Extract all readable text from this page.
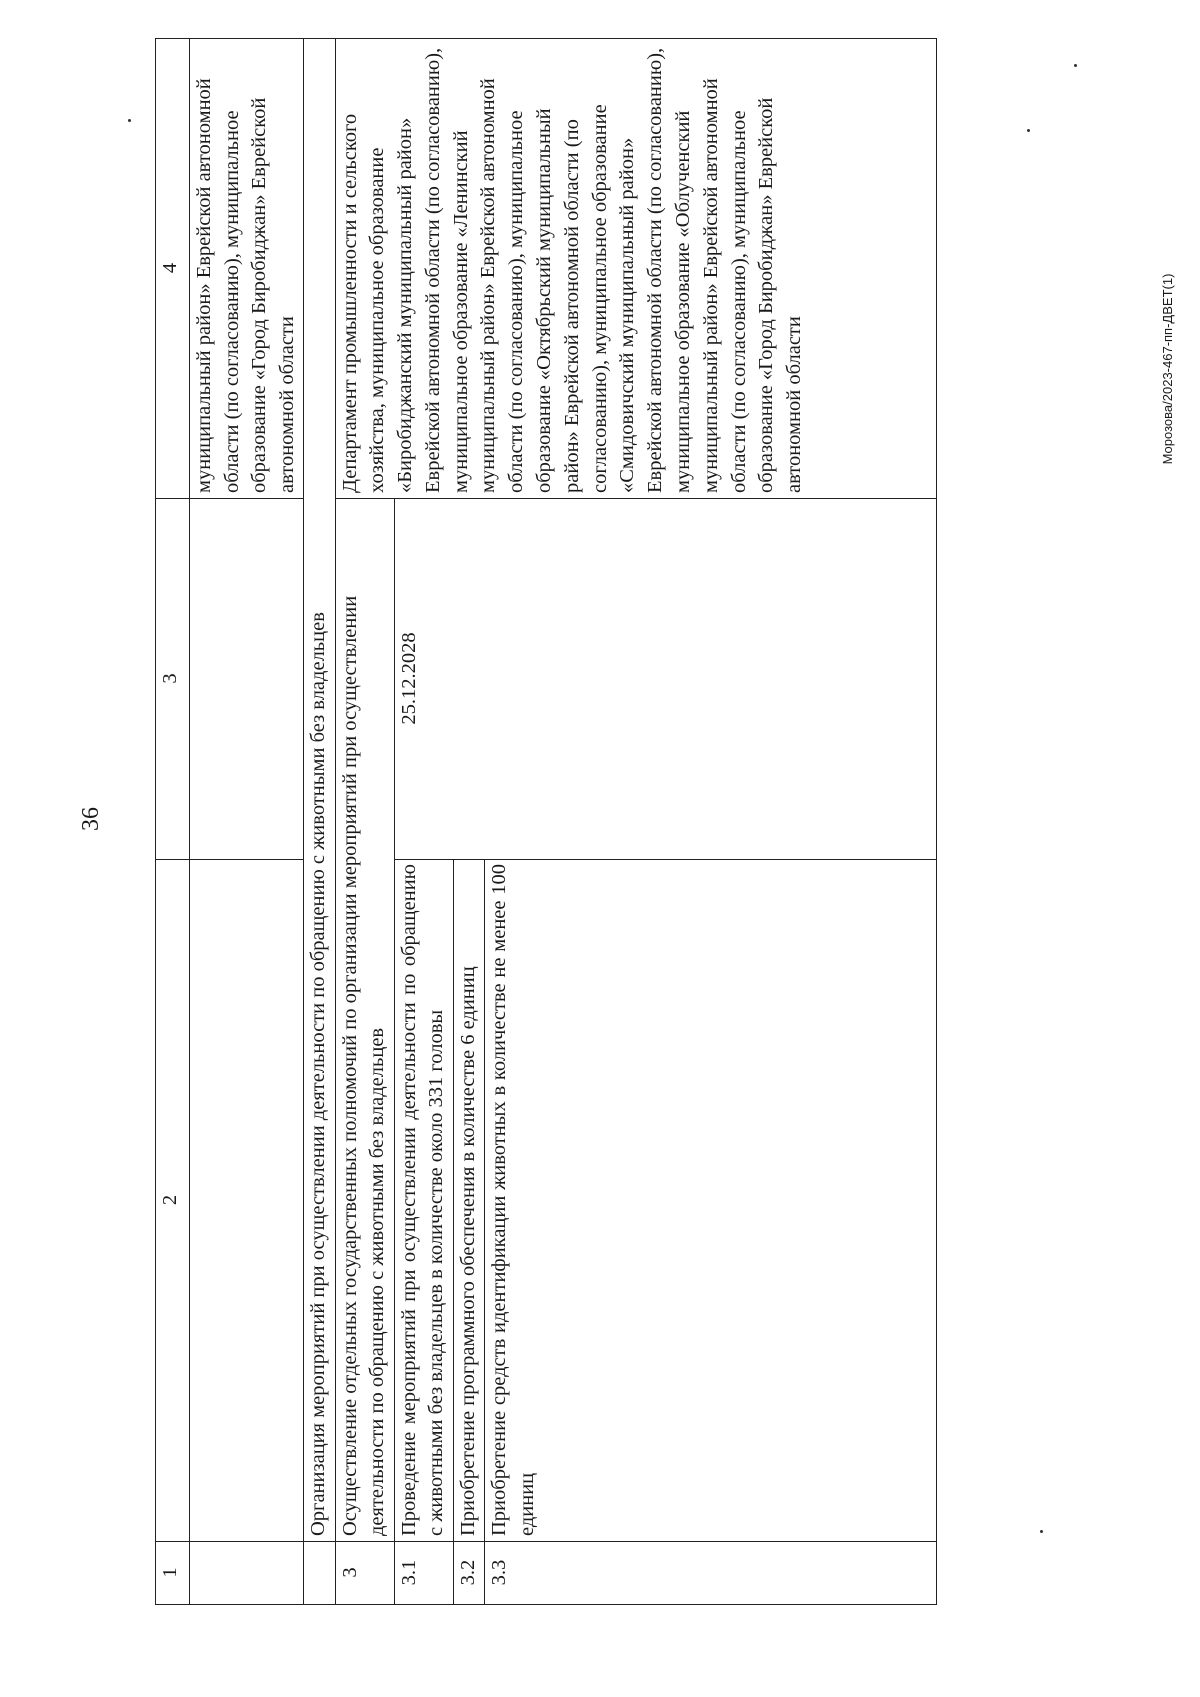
36
1	2	3	4
			муниципальный район» Еврейской автономной области (по согласованию), муниципальное образование «Город Биробиджан» Еврейской автономной области
	Организация мероприятий при осуществлении деятельности по обращению с животными без владельцев		
3	Осуществление отдельных государственных полномочий по организации мероприятий при осуществлении деятельности по обращению с животными без владельцев		Департамент промышленности и сельского хозяйства, муниципальное образование «Биробиджанский муниципальный район» Еврейской автономной области (по согласованию), муниципальное образование «Ленинский муниципальный район» Еврейской автономной области (по согласованию), муниципальное образование «Октябрьский муниципальный район» Еврейской автономной области (по согласованию), муниципальное образование «Смидовичский муниципальный район» Еврейской автономной области (по согласованию), муниципальное образование «Облученский муниципальный район» Еврейской автономной области (по согласованию), муниципальное образование «Город Биробиджан» Еврейской автономной области
3.1	Проведение мероприятий при осуществлении деятельности по обращению с животными без владельцев в количестве около 331 головы	25.12.2028	
3.2	Приобретение программного обеспечения в количестве 6 единиц		
3.3	Приобретение средств идентификации животных в количестве не менее 100 единиц		
Морозова/2023-467-пп-ДВЕТ(1)
